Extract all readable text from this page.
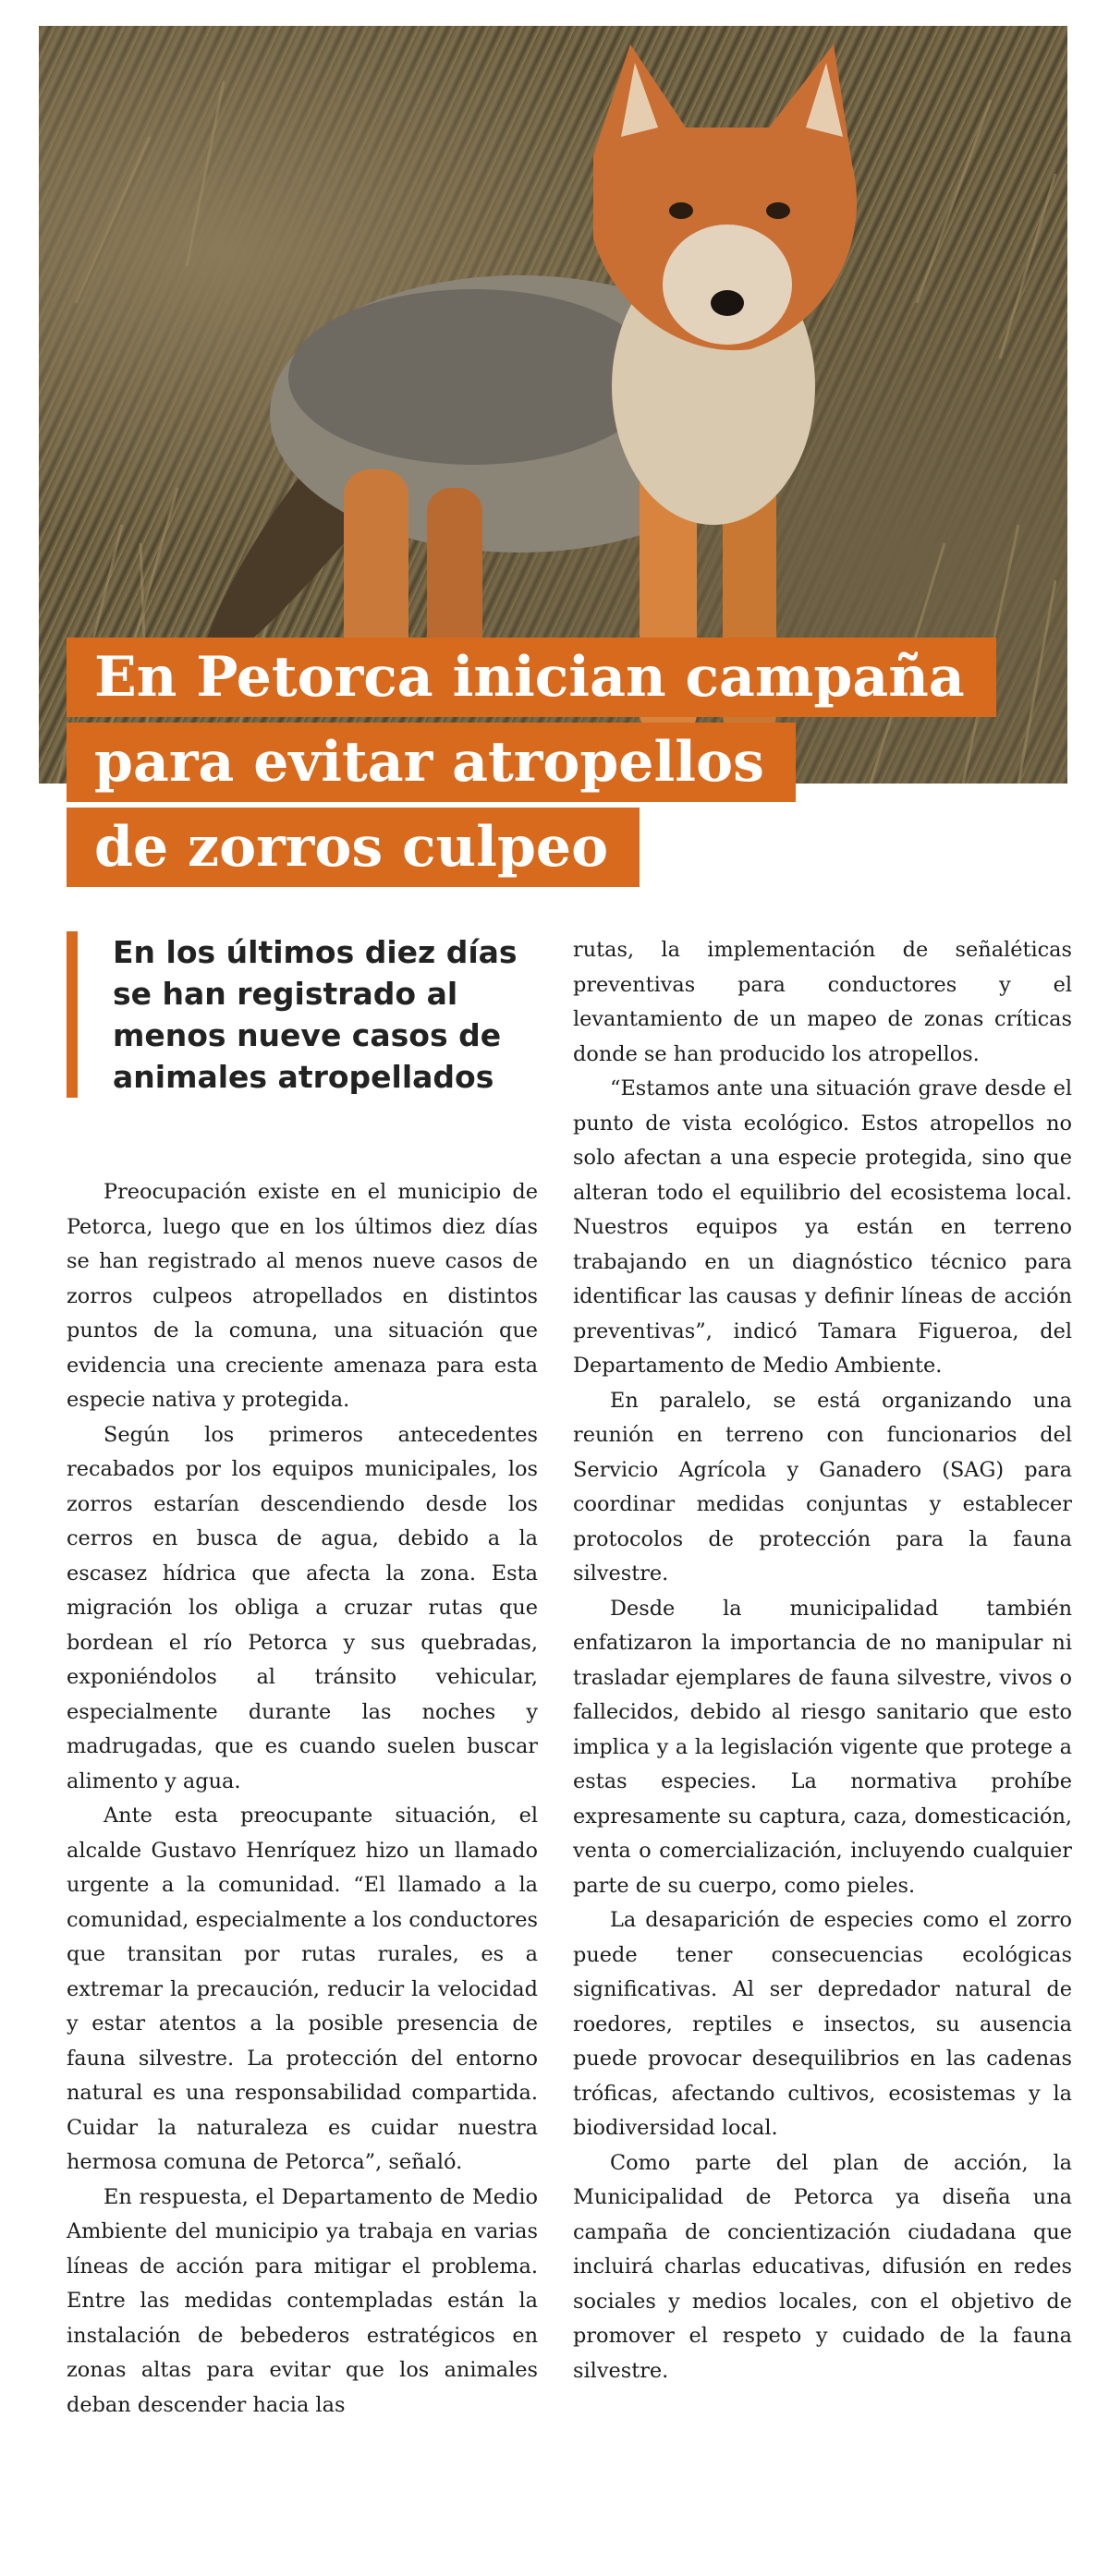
En Petorca inician campaña
para evitar atropellos
de zorros culpeo
En los últimos diez días se han registrado al menos nueve casos de animales atropellados

Preocupación existe en el municipio de Petorca, luego que en los últimos diez días se han registrado al menos nueve casos de zorros culpeos atropellados en distintos puntos de la comuna, una situación que evidencia una creciente amenaza para esta especie nativa y protegida.

Según los primeros antecedentes recabados por los equipos municipales, los zorros estarían descendiendo desde los cerros en busca de agua, debido a la escasez hídrica que afecta la zona. Esta migración los obliga a cruzar rutas que bordean el río Petorca y sus quebradas, exponiéndolos al tránsito vehicular, especialmente durante las noches y madrugadas, que es cuando suelen buscar alimento y agua.

Ante esta preocupante situación, el alcalde Gustavo Henríquez hizo un llamado urgente a la comunidad. “El llamado a la comunidad, especialmente a los conductores que transitan por rutas rurales, es a extremar la precaución, reducir la velocidad y estar atentos a la posible presencia de fauna silvestre. La protección del entorno natural es una responsabilidad compartida. Cuidar la naturaleza es cuidar nuestra hermosa comuna de Petorca”, señaló.

En respuesta, el Departamento de Medio Ambiente del municipio ya trabaja en varias líneas de acción para mitigar el problema. Entre las medidas contempladas están la instalación de bebederos estratégicos en zonas altas para evitar que los animales deban descender hacia las

rutas, la implementación de señaléticas preventivas para conductores y el levantamiento de un mapeo de zonas críticas donde se han producido los atropellos.

“Estamos ante una situación grave desde el punto de vista ecológico. Estos atropellos no solo afectan a una especie protegida, sino que alteran todo el equilibrio del ecosistema local. Nuestros equipos ya están en terreno trabajando en un diagnóstico técnico para identificar las causas y definir líneas de acción preventivas”, indicó Tamara Figueroa, del Departamento de Medio Ambiente.

En paralelo, se está organizando una reunión en terreno con funcionarios del Servicio Agrícola y Ganadero (SAG) para coordinar medidas conjuntas y establecer protocolos de protección para la fauna silvestre.

Desde la municipalidad también enfatizaron la importancia de no manipular ni trasladar ejemplares de fauna silvestre, vivos o fallecidos, debido al riesgo sanitario que esto implica y a la legislación vigente que protege a estas especies. La normativa prohíbe expresamente su captura, caza, domesticación, venta o comercialización, incluyendo cualquier parte de su cuerpo, como pieles.

La desaparición de especies como el zorro puede tener consecuencias ecológicas significativas. Al ser depredador natural de roedores, reptiles e insectos, su ausencia puede provocar desequilibrios en las cadenas tróficas, afectando cultivos, ecosistemas y la biodiversidad local.

Como parte del plan de acción, la Municipalidad de Petorca ya diseña una campaña de concientización ciudadana que incluirá charlas educativas, difusión en redes sociales y medios locales, con el objetivo de promover el respeto y cuidado de la fauna silvestre.
